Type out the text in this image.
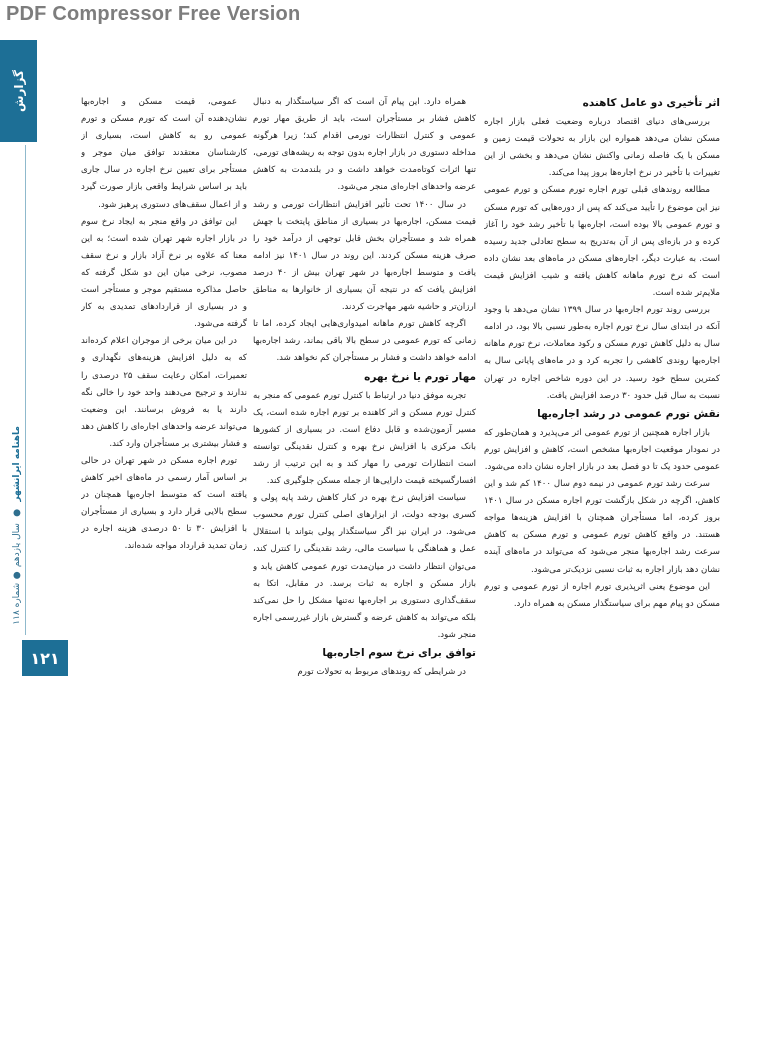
PDF Compressor Free Version
گزارش
ماهنامه ایرانشهر  ●  سال یازدهم ● شماره ۱۱۸
۱۲۱
اثر تأخیری دو عامل کاهنده

بررسی‌های دنیای اقتصاد درباره وضعیت فعلی بازار اجاره مسکن نشان می‌دهد همواره این بازار به تحولات قیمت زمین و مسکن با یک فاصله زمانی واکنش نشان می‌دهد و بخشی از این تغییرات با تأخیر در نرخ اجاره‌ها بروز پیدا می‌کند.

مطالعه روندهای قبلی تورم اجاره تورم مسکن و تورم عمومی نیز این موضوع را تأیید می‌کند که پس از دوره‌هایی که تورم مسکن و تورم عمومی بالا بوده است، اجاره‌بها با تأخیر رشد خود را آغاز کرده و در بازه‌ای پس از آن به‌تدریج به سطح تعادلی جدید رسیده است. به عبارت دیگر، اجاره‌های مسکن در ماه‌های بعد نشان داده است که نرخ تورم ماهانه کاهش یافته و شیب افزایش قیمت ملایم‌تر شده است.

بررسی روند تورم اجاره‌بها در سال ۱۳۹۹ نشان می‌دهد با وجود آنکه در ابتدای سال نرخ تورم اجاره به‌طور نسبی بالا بود، در ادامه سال به دلیل کاهش تورم مسکن و رکود معاملات، نرخ تورم ماهانه اجاره‌بها روندی کاهشی را تجربه کرد و در ماه‌های پایانی سال به کمترین سطح خود رسید. در این دوره شاخص اجاره در تهران نسبت به سال قبل حدود ۳۰ درصد افزایش یافت.

نقش تورم عمومی در رشد اجاره‌بها

بازار اجاره همچنین از تورم عمومی اثر می‌پذیرد و همان‌طور که در نمودار موقعیت اجاره‌بها مشخص است، کاهش و افزایش تورم عمومی حدود یک تا دو فصل بعد در بازار اجاره نشان داده می‌شود.

سرعت رشد تورم عمومی در نیمه دوم سال ۱۴۰۰ کم شد و این کاهش، اگرچه در شکل بازگشت تورم اجاره مسکن در سال ۱۴۰۱ بروز کرده، اما مستأجران همچنان با افزایش هزینه‌ها مواجه هستند. در واقع کاهش تورم عمومی و تورم مسکن به کاهش سرعت رشد اجاره‌بها منجر می‌شود که می‌تواند در ماه‌های آینده نشان دهد بازار اجاره به ثبات نسبی نزدیک‌تر می‌شود.

این موضوع یعنی اثرپذیری تورم اجاره از تورم عمومی و تورم مسکن دو پیام مهم برای سیاستگذار مسکن به همراه دارد.

همراه دارد. این پیام آن است که اگر سیاستگذار به دنبال کاهش فشار بر مستأجران است، باید از طریق مهار تورم عمومی و کنترل انتظارات تورمی اقدام کند؛ زیرا هرگونه مداخله دستوری در بازار اجاره بدون توجه به ریشه‌های تورمی، تنها اثرات کوتاه‌مدت خواهد داشت و در بلندمدت به کاهش عرضه واحدهای اجاره‌ای منجر می‌شود.

در سال ۱۴۰۰ تحت تأثیر افزایش انتظارات تورمی و رشد قیمت مسکن، اجاره‌بها در بسیاری از مناطق پایتخت با جهش همراه شد و مستأجران بخش قابل توجهی از درآمد خود را صرف هزینه مسکن کردند. این روند در سال ۱۴۰۱ نیز ادامه یافت و متوسط اجاره‌بها در شهر تهران بیش از ۴۰ درصد افزایش یافت که در نتیجه آن بسیاری از خانوارها به مناطق ارزان‌تر و حاشیه شهر مهاجرت کردند.

اگرچه کاهش تورم ماهانه امیدواری‌هایی ایجاد کرده، اما تا زمانی که تورم عمومی در سطح بالا باقی بماند، رشد اجاره‌بها ادامه خواهد داشت و فشار بر مستأجران کم نخواهد شد.

مهار تورم یا نرخ بهره

تجربه موفق دنیا در ارتباط با کنترل تورم عمومی که منجر به کنترل تورم مسکن و اثر کاهنده بر تورم اجاره شده است، یک مسیر آزمون‌شده و قابل دفاع است. در بسیاری از کشورها بانک مرکزی با افزایش نرخ بهره و کنترل نقدینگی توانسته است انتظارات تورمی را مهار کند و به این ترتیب از رشد افسارگسیخته قیمت دارایی‌ها از جمله مسکن جلوگیری کند.

سیاست افزایش نرخ بهره در کنار کاهش رشد پایه پولی و کسری بودجه دولت، از ابزارهای اصلی کنترل تورم محسوب می‌شود. در ایران نیز اگر سیاستگذار پولی بتواند با استقلال عمل و هماهنگی با سیاست مالی، رشد نقدینگی را کنترل کند، می‌توان انتظار داشت در میان‌مدت تورم عمومی کاهش یابد و بازار مسکن و اجاره به ثبات برسد. در مقابل، اتکا به سقف‌گذاری دستوری بر اجاره‌بها نه‌تنها مشکل را حل نمی‌کند بلکه می‌تواند به کاهش عرضه و گسترش بازار غیررسمی اجاره منجر شود.

توافق برای نرخ سوم اجاره‌بها

در شرایطی که روندهای مربوط به تحولات تورم

عمومی، قیمت مسکن و اجاره‌بها نشان‌دهنده آن است که تورم مسکن و تورم عمومی رو به کاهش است، بسیاری از کارشناسان معتقدند توافق میان موجر و مستأجر برای تعیین نرخ اجاره در سال جاری باید بر اساس شرایط واقعی بازار صورت گیرد و از اعمال سقف‌های دستوری پرهیز شود.

این توافق در واقع منجر به ایجاد نرخ سوم در بازار اجاره شهر تهران شده است؛ به این معنا که علاوه بر نرخ آزاد بازار و نرخ سقف مصوب، نرخی میان این دو شکل گرفته که حاصل مذاکره مستقیم موجر و مستأجر است و در بسیاری از قراردادهای تمدیدی به کار گرفته می‌شود.

در این میان برخی از موجران اعلام کرده‌اند که به دلیل افزایش هزینه‌های نگهداری و تعمیرات، امکان رعایت سقف ۲۵ درصدی را ندارند و ترجیح می‌دهند واحد خود را خالی نگه دارند یا به فروش برسانند. این وضعیت می‌تواند عرضه واحدهای اجاره‌ای را کاهش دهد و فشار بیشتری بر مستأجران وارد کند.

تورم اجاره مسکن در شهر تهران در حالی بر اساس آمار رسمی در ماه‌های اخیر کاهش یافته است که متوسط اجاره‌بها همچنان در سطح بالایی قرار دارد و بسیاری از مستأجران با افزایش ۳۰ تا ۵۰ درصدی هزینه اجاره در زمان تمدید قرارداد مواجه شده‌اند.
